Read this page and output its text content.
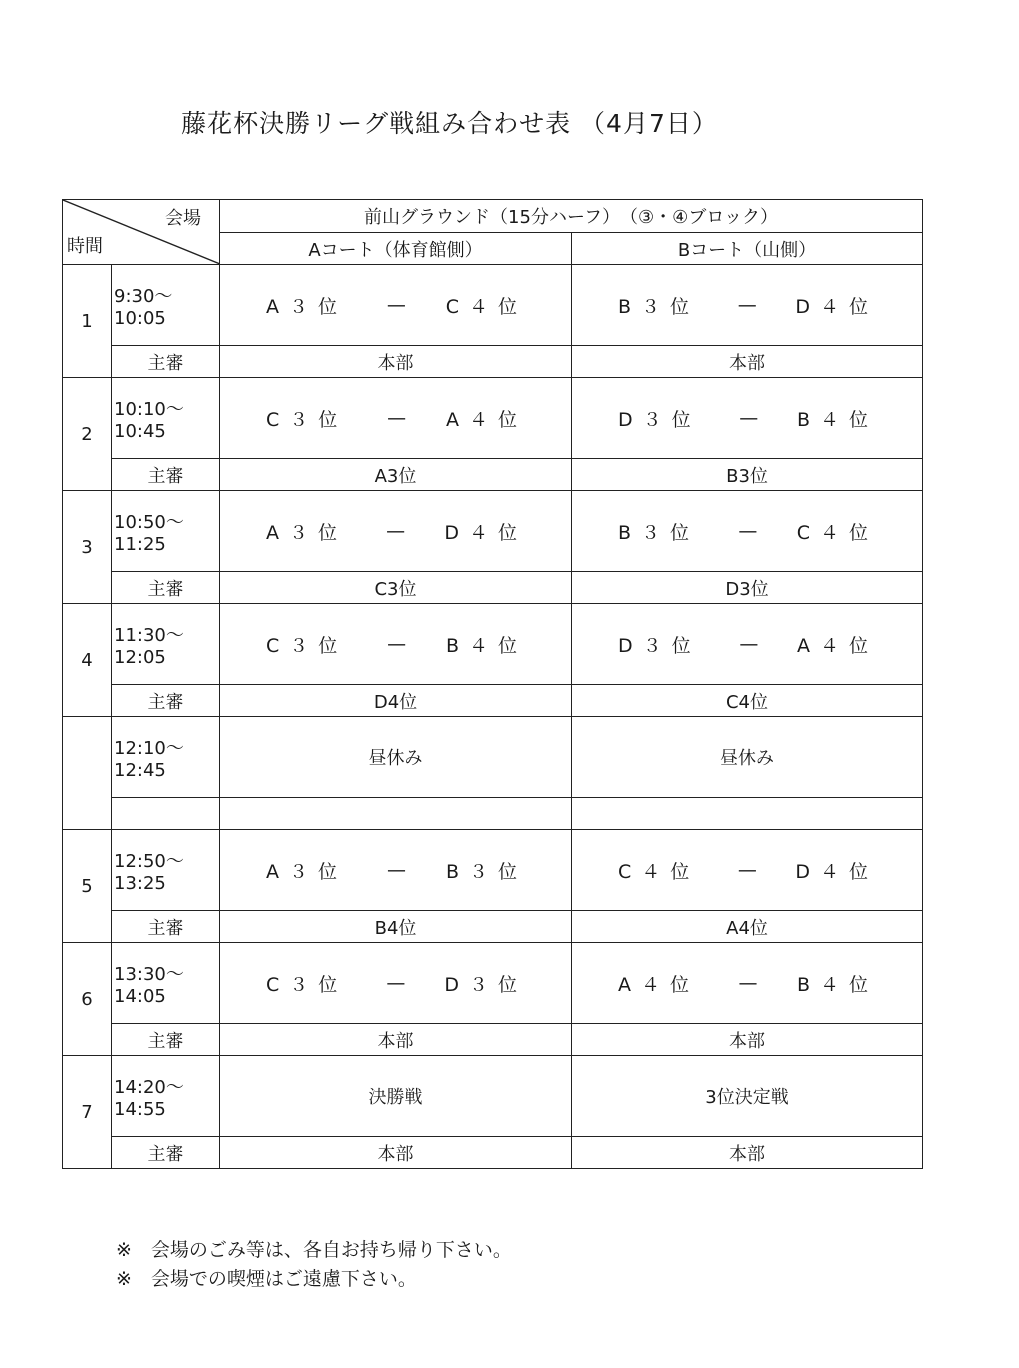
藤花杯決勝リーグ戦組み合わせ表 （4月7日）
会場
時間		前山グラウンド（15分ハーフ）　（③・④ブロック）	
		Aコート（体育館側）	Bコート（山側）
1	9:30～10:05	A３位 — C４位	B３位 — D４位

	主審	本部	本部
2	10:10～10:45	C３位 — A４位	D３位 — B４位

	主審	A3位	B3位
3	10:50～11:25	A３位 — D４位	B３位 — C４位

	主審	C3位	D3位
4	11:30～12:05	C３位 — B４位	D３位 — A４位

	主審	D4位	C4位
	12:10～12:45	昼休み	昼休み

5	12:50～13:25	A３位 — B３位	C４位 — D４位

	主審	B4位	A4位
6	13:30～14:05	C３位 — D３位	A４位 — B４位

	主審	本部	本部
7	14:20～14:55	決勝戦	3位決定戦
	主審	本部	本部
※　会場のごみ等は、各自お持ち帰り下さい。
※　会場での喫煙はご遠慮下さい。
